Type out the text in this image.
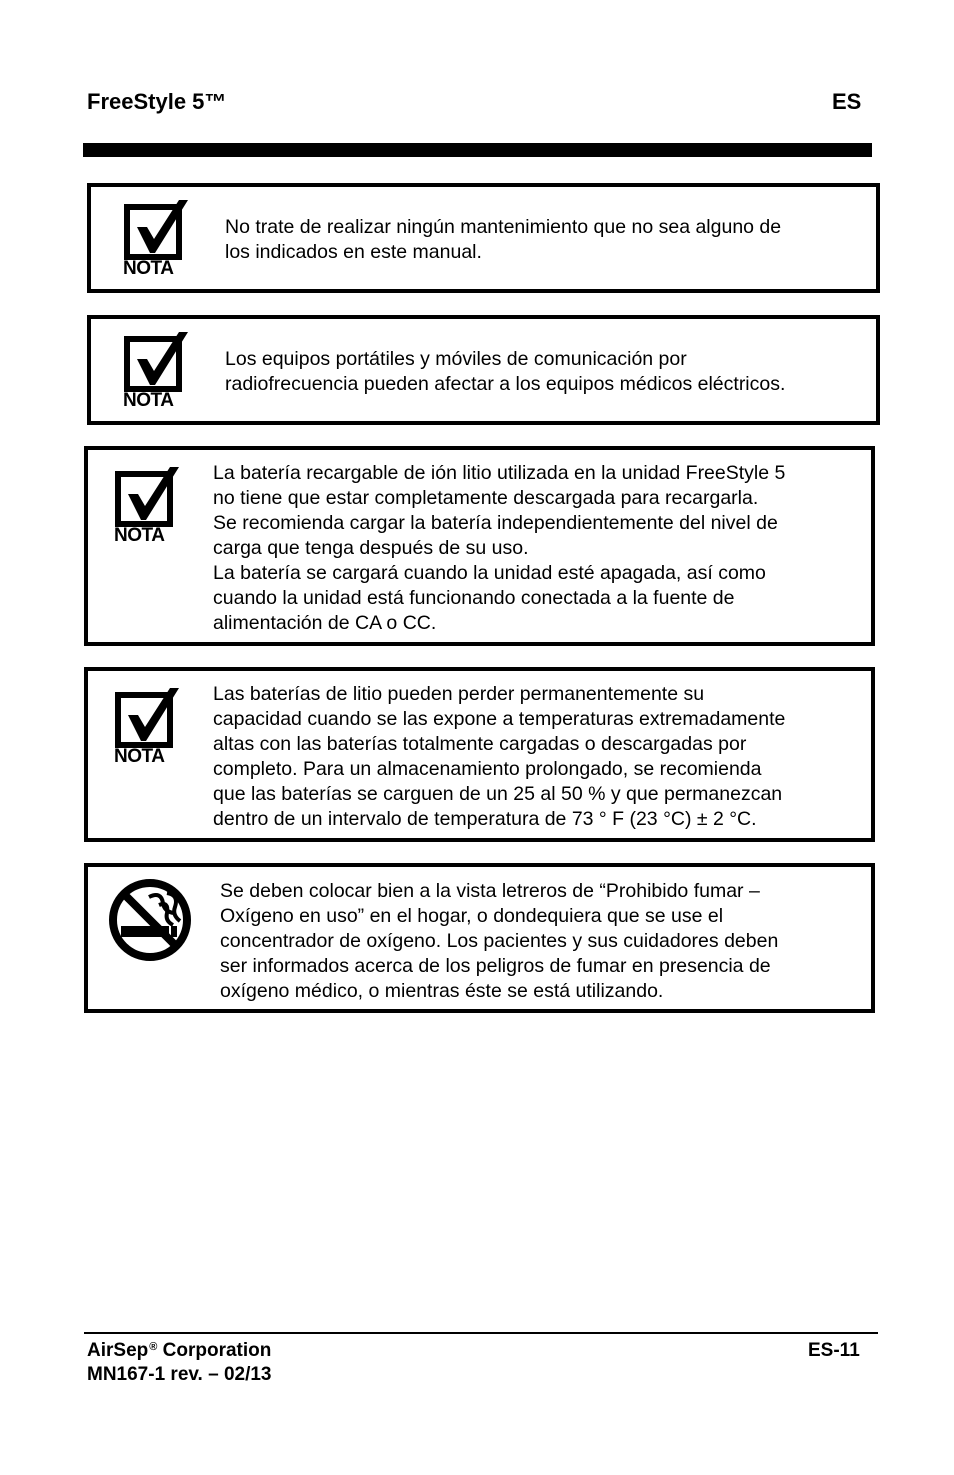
FreeStyle 5™	ES
NOTA
No trate de realizar ningún mantenimiento que no sea alguno de
los indicados en este manual.
NOTA
Los equipos portátiles y móviles de comunicación por
radiofrecuencia pueden afectar a los equipos médicos eléctricos.
NOTA
La batería recargable de ión litio utilizada en la unidad FreeStyle 5
no tiene que estar completamente descargada para recargarla.
Se recomienda cargar la batería independientemente del nivel de
carga que tenga después de su uso.
La batería se cargará cuando la unidad esté apagada, así como
cuando la unidad está funcionando conectada a la fuente de
alimentación de CA o CC.
NOTA
Las baterías de litio pueden perder permanentemente su
capacidad cuando se las expone a temperaturas extremadamente
altas con las baterías totalmente cargadas o descargadas por
completo. Para un almacenamiento prolongado, se recomienda
que las baterías se carguen de un 25 al 50 % y que permanezcan
dentro de un intervalo de temperatura de 73 ° F (23 °C) ± 2 °C.
Se deben colocar bien a la vista letreros de “Prohibido fumar –
Oxígeno en uso” en el hogar, o dondequiera que se use el
concentrador de oxígeno. Los pacientes y sus cuidadores deben
ser informados acerca de los peligros de fumar en presencia de
oxígeno médico, o mientras éste se está utilizando.
AirSep® Corporation
MN167-1 rev. – 02/13
ES-11
